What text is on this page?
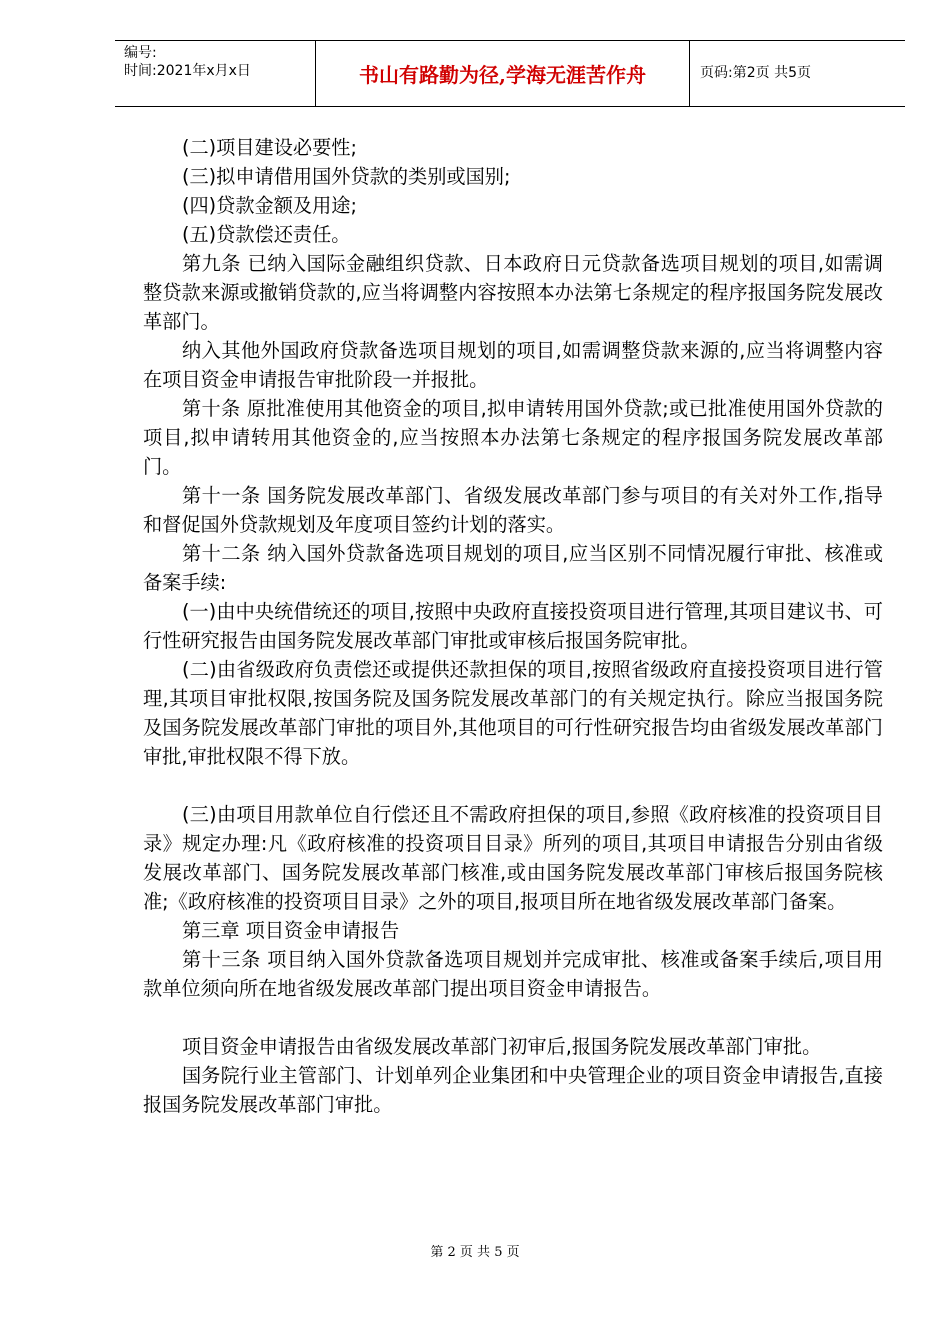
编号:
时间:2021年x月x日	书山有路勤为径,学海无涯苦作舟	页码:第2页 共5页

(二)项目建设必要性;

(三)拟申请借用国外贷款的类别或国别;

(四)贷款金额及用途;

(五)贷款偿还责任。

第九条 已纳入国际金融组织贷款、日本政府日元贷款备选项目规划的项目,如需调整贷款来源或撤销贷款的,应当将调整内容按照本办法第七条规定的程序报国务院发展改革部门。

纳入其他外国政府贷款备选项目规划的项目,如需调整贷款来源的,应当将调整内容在项目资金申请报告审批阶段一并报批。

第十条 原批准使用其他资金的项目,拟申请转用国外贷款;或已批准使用国外贷款的项目,拟申请转用其他资金的,应当按照本办法第七条规定的程序报国务院发展改革部门。

第十一条 国务院发展改革部门、省级发展改革部门参与项目的有关对外工作,指导和督促国外贷款规划及年度项目签约计划的落实。

第十二条 纳入国外贷款备选项目规划的项目,应当区别不同情况履行审批、核准或备案手续:

(一)由中央统借统还的项目,按照中央政府直接投资项目进行管理,其项目建议书、可行性研究报告由国务院发展改革部门审批或审核后报国务院审批。

(二)由省级政府负责偿还或提供还款担保的项目,按照省级政府直接投资项目进行管理,其项目审批权限,按国务院及国务院发展改革部门的有关规定执行。除应当报国务院及国务院发展改革部门审批的项目外,其他项目的可行性研究报告均由省级发展改革部门审批,审批权限不得下放。

(三)由项目用款单位自行偿还且不需政府担保的项目,参照《政府核准的投资项目目录》规定办理:凡《政府核准的投资项目目录》所列的项目,其项目申请报告分别由省级发展改革部门、国务院发展改革部门核准,或由国务院发展改革部门审核后报国务院核准;《政府核准的投资项目目录》之外的项目,报项目所在地省级发展改革部门备案。

第三章 项目资金申请报告

第十三条 项目纳入国外贷款备选项目规划并完成审批、核准或备案手续后,项目用款单位须向所在地省级发展改革部门提出项目资金申请报告。

项目资金申请报告由省级发展改革部门初审后,报国务院发展改革部门审批。

国务院行业主管部门、计划单列企业集团和中央管理企业的项目资金申请报告,直接报国务院发展改革部门审批。

第 2 页 共 5 页
